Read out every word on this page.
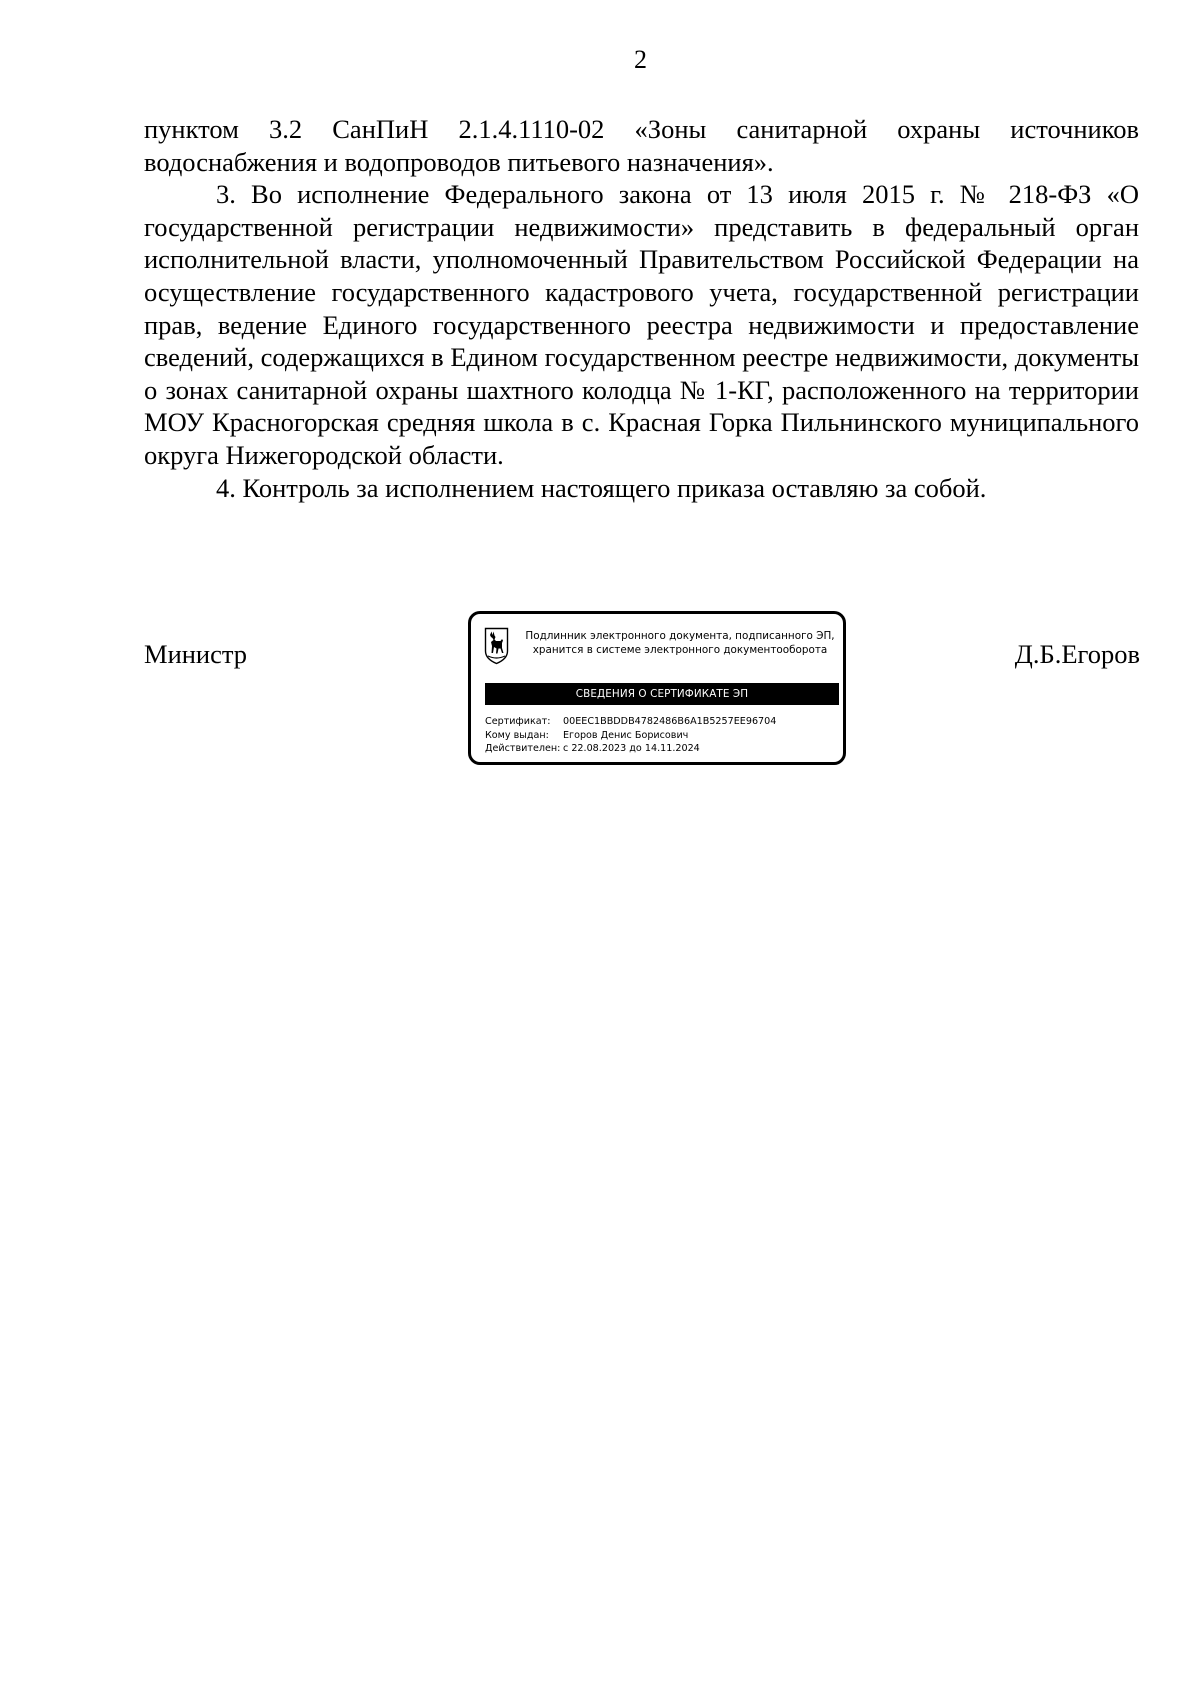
2

пунктом 3.2 СанПиН 2.1.4.1110-02 «Зоны санитарной охраны источников водоснабжения и водопроводов питьевого назначения».

3. Во исполнение Федерального закона от 13 июля 2015 г. № 218-ФЗ «О государственной регистрации недвижимости» представить в федеральный орган исполнительной власти, уполномоченный Правительством Российской Федерации на осуществление государственного кадастрового учета, государственной регистрации прав, ведение Единого государственного реестра недвижимости и предоставление сведений, содержащихся в Едином государственном реестре недвижимости, документы о зонах санитарной охраны шахтного колодца № 1-КГ, расположенного на территории МОУ Красногорская средняя школа в с. Красная Горка Пильнинского муниципального округа Нижегородской области.

4. Контроль за исполнением настоящего приказа оставляю за собой.

Министр
Подлинник электронного документа, подписанного ЭП,
хранится в системе электронного документооборота
СВЕДЕНИЯ О СЕРТИФИКАТЕ ЭП
Сертификат: 00EEC1BBDDB4782486B6A1B5257EE96704
Кому выдан: Егоров Денис Борисович
Действителен: с 22.08.2023 до 14.11.2024
Д.Б.Егоров
